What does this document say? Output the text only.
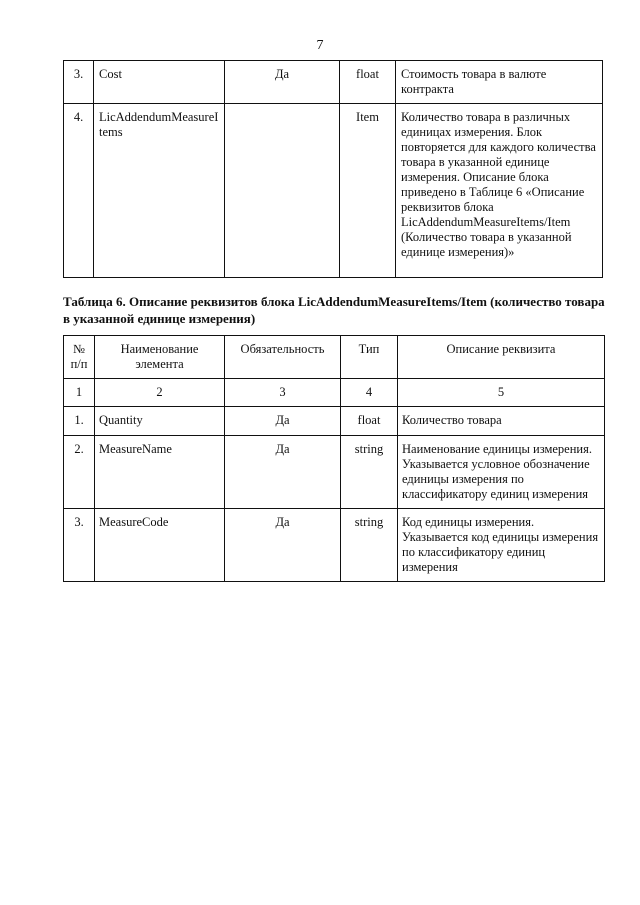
7
3.	Cost	Да	float	Стоимость товара в валюте контракта
4.	LicAddendumMeasureItems		Item	Количество товара в различных единицах измерения. Блок повторяется для каждого количества товара в указанной единице измерения. Описание блока приведено в Таблице 6 «Описание реквизитов блока LicAddendumMeasureItems/Item (Количество товара в указанной единице измерения)»
Таблица 6. Описание реквизитов блока LicAddendumMeasureItems/Item (количество товара в указанной единице измерения)
№ п/п	Наименование элемента	Обязательность	Тип	Описание реквизита
1	2	3	4	5
1.	Quantity	Да	float	Количество товара
2.	MeasureName	Да	string	Наименование единицы измерения. Указывается условное обозначение единицы измерения по классификатору единиц измерения
3.	MeasureCode	Да	string	Код единицы измерения. Указывается код единицы измерения по классификатору единиц измерения
